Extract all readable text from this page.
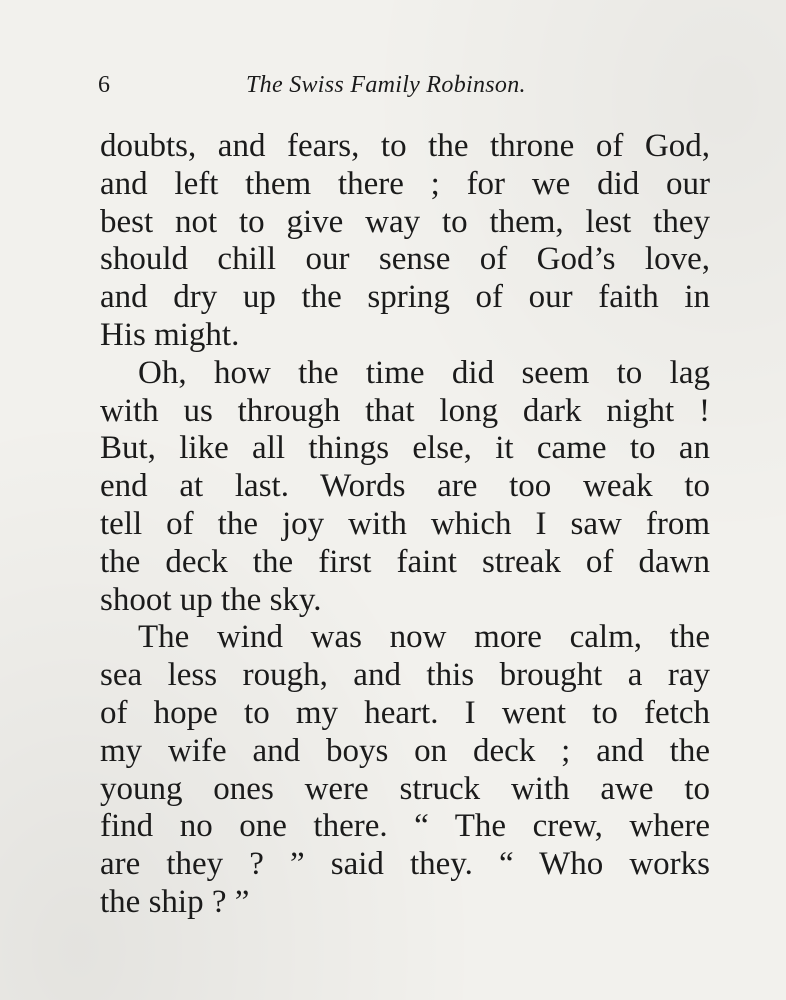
6	The Swiss Family Robinson.
doubts, and fears, to the throne of God,
and left them there ; for we did our
best not to give way to them, lest they
should chill our sense of God’s love,
and dry up the spring of our faith in
His might.
Oh, how the time did seem to lag
with us through that long dark night !
But, like all things else, it came to an
end at last. Words are too weak to
tell of the joy with which I saw from
the deck the first faint streak of dawn
shoot up the sky.
The wind was now more calm, the
sea less rough, and this brought a ray
of hope to my heart. I went to fetch
my wife and boys on deck ; and the
young ones were struck with awe to
find no one there. “ The crew, where
are they ? ” said they. “ Who works
the ship ? ”
